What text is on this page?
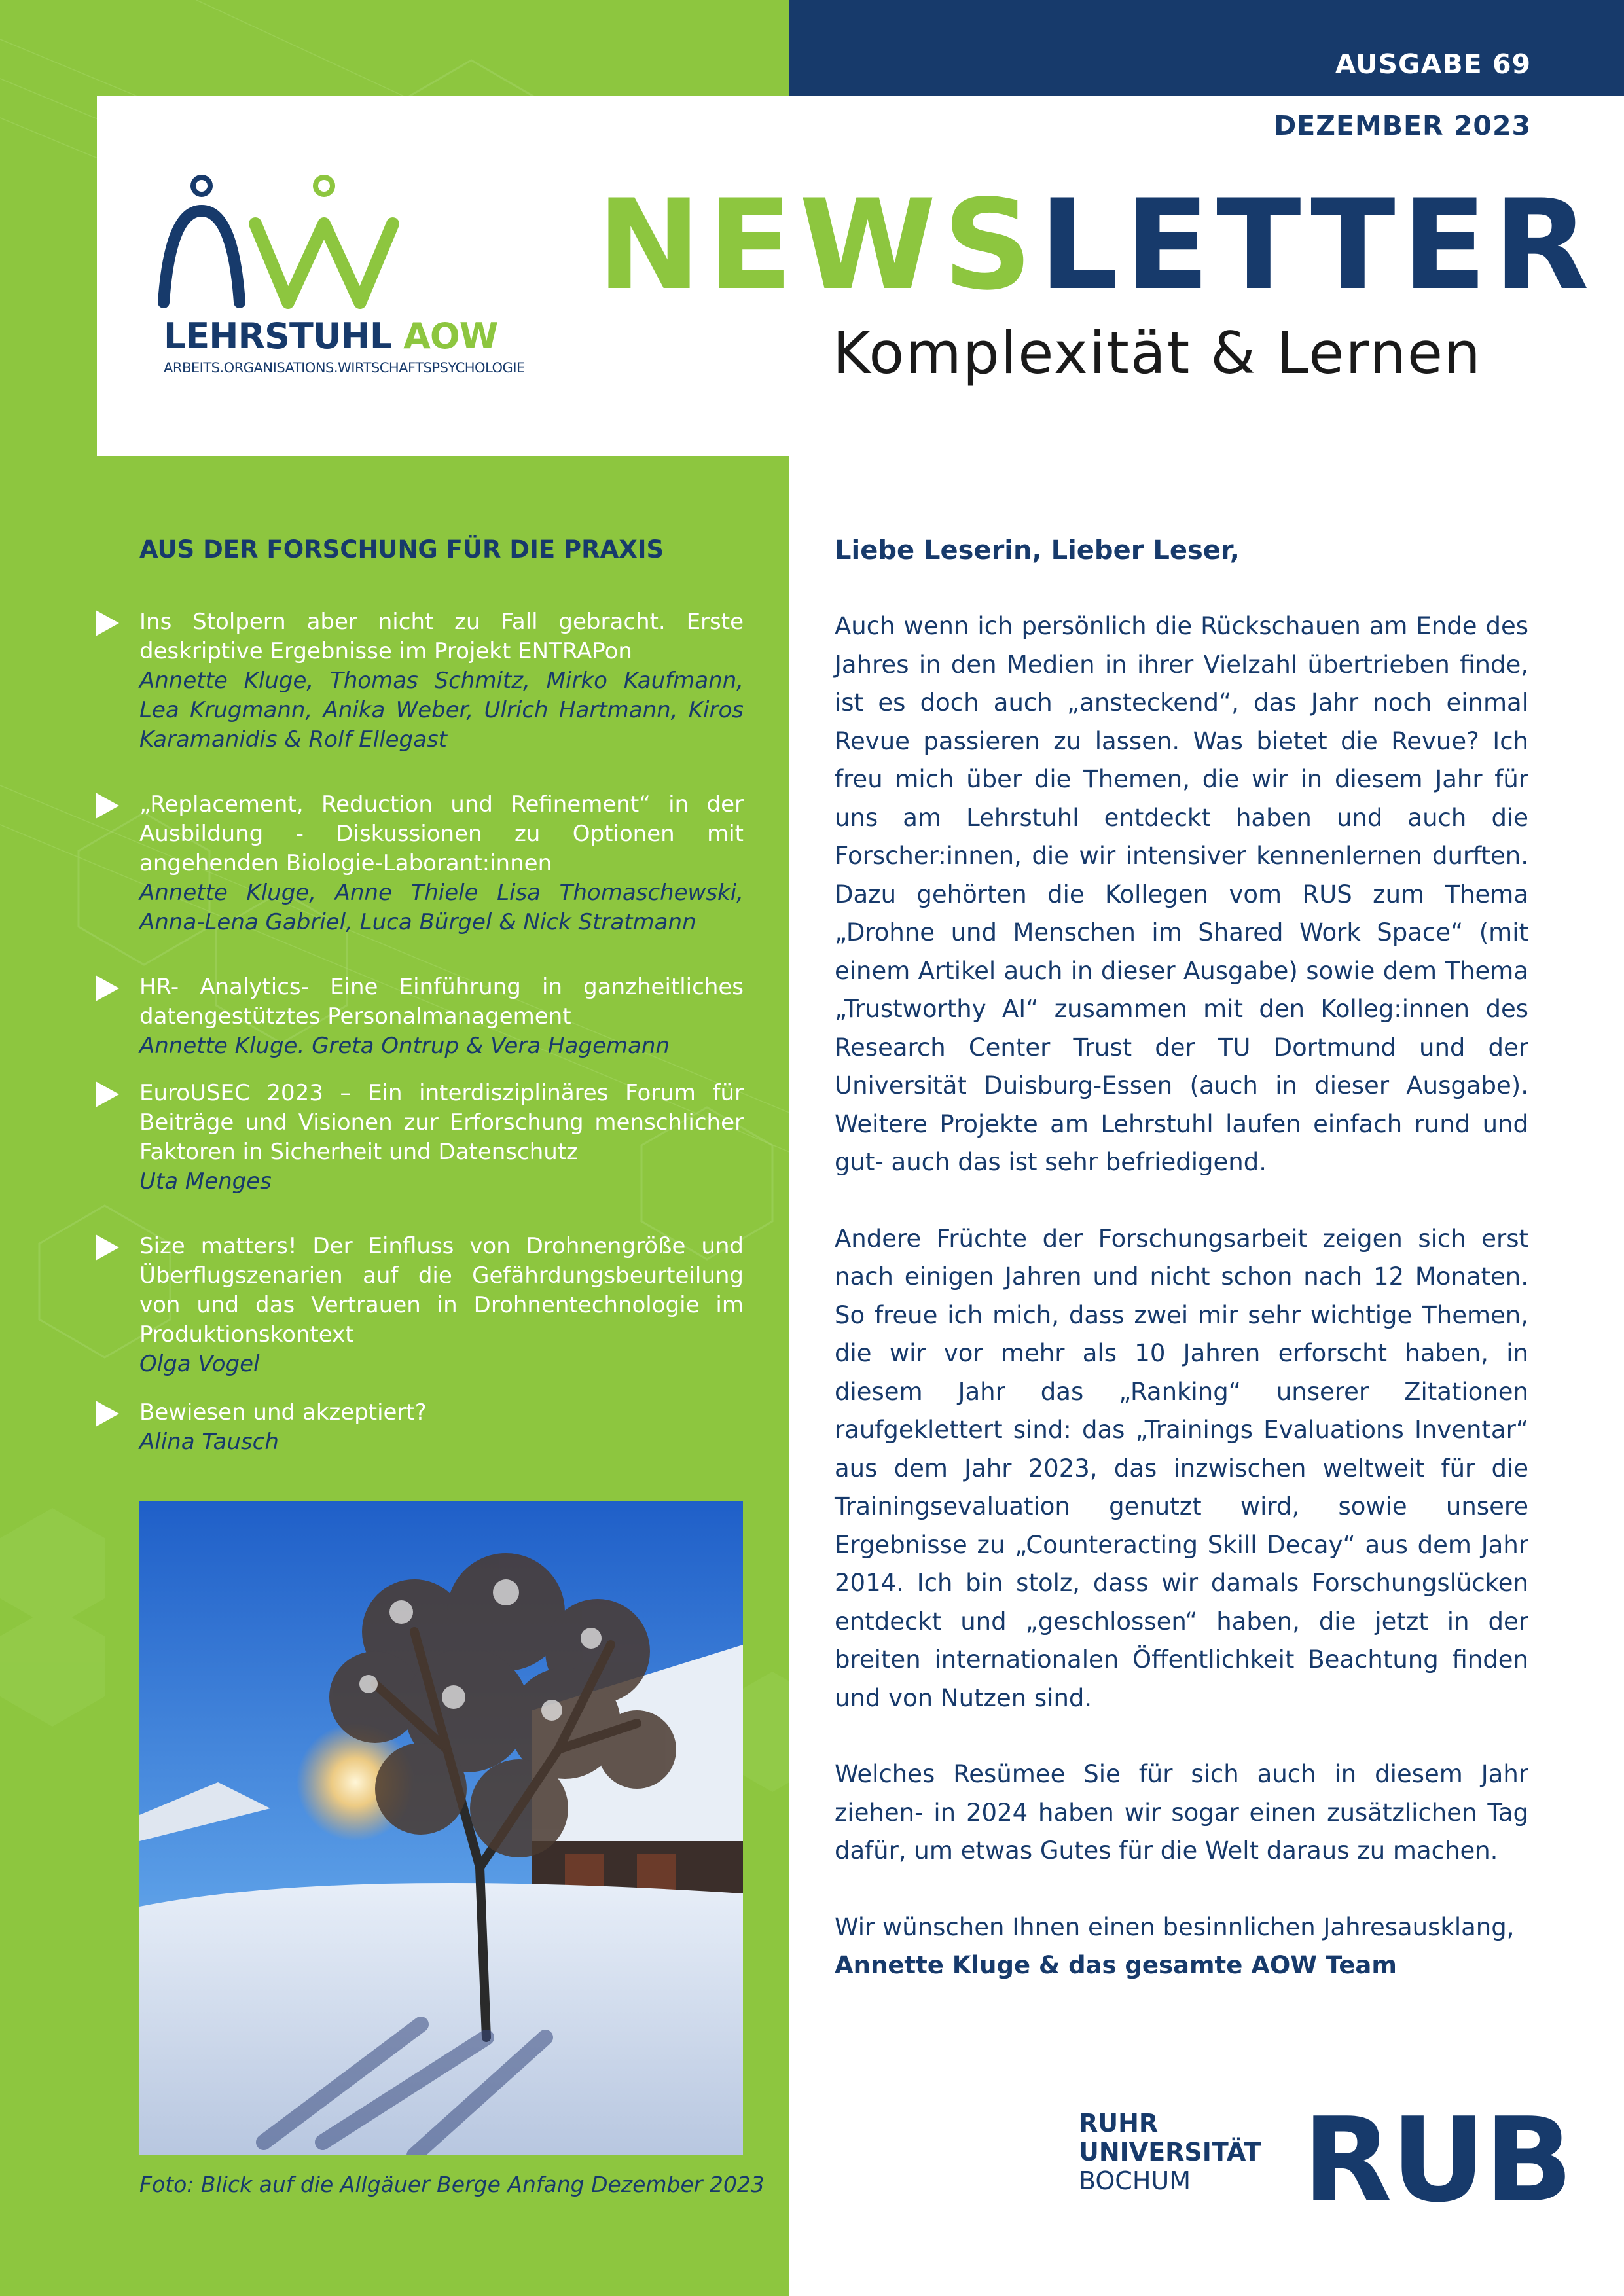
AUSGABE 69
DEZEMBER 2023
LEHRSTUHL AOW
ARBEITS.ORGANISATIONS.WIRTSCHAFTSPSYCHOLOGIE
NEWSLETTER
Komplexität & Lernen
AUS DER FORSCHUNG FÜR DIE PRAXIS
Ins Stolpern aber nicht zu Fall gebracht. Erste deskriptive Ergebnisse im Projekt ENTRAPon
Annette Kluge, Thomas Schmitz, Mirko Kaufmann, Lea Krugmann, Anika Weber, Ulrich Hartmann, Kiros Karamanidis & Rolf Ellegast
„Replacement, Reduction und Refinement“ in der Ausbildung - Diskussionen zu Optionen mit angehenden Biologie-Laborant:innen
Annette Kluge, Anne Thiele Lisa Thomaschewski, Anna-Lena Gabriel, Luca Bürgel & Nick Stratmann
HR- Analytics- Eine Einführung in ganzheitliches datengestütztes Personalmanagement
Annette Kluge. Greta Ontrup & Vera Hagemann
EuroUSEC 2023 – Ein interdisziplinäres Forum für Beiträge und Visionen zur Erforschung menschlicher Faktoren in Sicherheit und Datenschutz
Uta Menges
Size matters! Der Einfluss von Drohnengröße und Überflugszenarien auf die Gefährdungsbeurteilung von und das Vertrauen in Drohnentechnologie im Produktionskontext
Olga Vogel
Bewiesen und akzeptiert?
Alina Tausch
Foto: Blick auf die Allgäuer Berge Anfang Dezember 2023
Liebe Leserin, Lieber Leser,

Auch wenn ich persönlich die Rückschauen am Ende des Jahres in den Medien in ihrer Vielzahl übertrieben finde, ist es doch auch „ansteckend“, das Jahr noch einmal Revue passieren zu lassen. Was bietet die Revue? Ich freu mich über die Themen, die wir in diesem Jahr für uns am Lehrstuhl entdeckt haben und auch die Forscher:innen, die wir intensiver kennenlernen durften. Dazu gehörten die Kollegen vom RUS zum Thema „Drohne und Menschen im Shared Work Space“ (mit einem Artikel auch in dieser Ausgabe) sowie dem Thema „Trustworthy AI“ zusammen mit den Kolleg:innen des Research Center Trust der TU Dortmund und der Universität Duisburg-Essen (auch in dieser Ausgabe). Weitere Projekte am Lehrstuhl laufen einfach rund und gut- auch das ist sehr befriedigend.

Andere Früchte der Forschungsarbeit zeigen sich erst nach einigen Jahren und nicht schon nach 12 Monaten. So freue ich mich, dass zwei mir sehr wichtige Themen, die wir vor mehr als 10 Jahren erforscht haben, in diesem Jahr das „Ranking“ unserer Zitationen raufgeklettert sind: das „Trainings Evaluations Inventar“ aus dem Jahr 2023, das inzwischen weltweit für die Trainingsevaluation genutzt wird, sowie unsere Ergebnisse zu „Counteracting Skill Decay“ aus dem Jahr 2014. Ich bin stolz, dass wir damals Forschungslücken entdeckt und „geschlossen“ haben, die jetzt in der breiten internationalen Öffentlichkeit Beachtung finden und von Nutzen sind.

Welches Resümee Sie für sich auch in diesem Jahr ziehen- in 2024 haben wir sogar einen zusätzlichen Tag dafür, um etwas Gutes für die Welt daraus zu machen.

Wir wünschen Ihnen einen besinnlichen Jahresausklang,
Annette Kluge & das gesamte AOW Team
RUHR
UNIVERSITÄT
BOCHUM RUB
